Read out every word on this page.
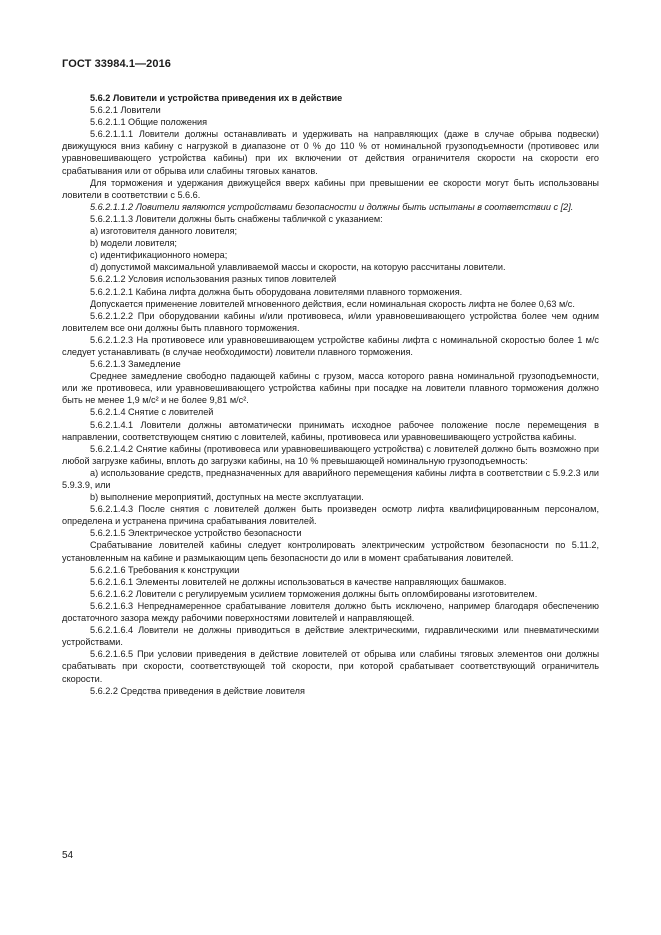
ГОСТ 33984.1—2016

5.6.2 Ловители и устройства приведения их в действие

5.6.2.1 Ловители

5.6.2.1.1 Общие положения

5.6.2.1.1.1 Ловители должны останавливать и удерживать на направляющих (даже в случае обрыва подвески) движущуюся вниз кабину с нагрузкой в диапазоне от 0 % до 110 % от номинальной грузоподъемности (противовес или уравновешивающего устройства кабины) при их включении от действия ограничителя скорости на скорости его срабатывания или от обрыва или слабины тяговых канатов.

Для торможения и удержания движущейся вверх кабины при превышении ее скорости могут быть использованы ловители в соответствии с 5.6.6.

5.6.2.1.1.2 Ловители являются устройствами безопасности и должны быть испытаны в соответствии с [2].

5.6.2.1.1.3 Ловители должны быть снабжены табличкой с указанием:

a) изготовителя данного ловителя;

b) модели ловителя;

c) идентификационного номера;

d) допустимой максимальной улавливаемой массы и скорости, на которую рассчитаны ловители.

5.6.2.1.2 Условия использования разных типов ловителей

5.6.2.1.2.1 Кабина лифта должна быть оборудована ловителями плавного торможения.

Допускается применение ловителей мгновенного действия, если номинальная скорость лифта не более 0,63 м/с.

5.6.2.1.2.2 При оборудовании кабины и/или противовеса, и/или уравновешивающего устройства более чем одним ловителем все они должны быть плавного торможения.

5.6.2.1.2.3 На противовесе или уравновешивающем устройстве кабины лифта с номинальной скоростью более 1 м/с следует устанавливать (в случае необходимости) ловители плавного торможения.

5.6.2.1.3 Замедление

Среднее замедление свободно падающей кабины с грузом, масса которого равна номинальной грузоподъемности, или же противовеса, или уравновешивающего устройства кабины при посадке на ловители плавного торможения должно быть не менее 1,9 м/с² и не более 9,81 м/с².

5.6.2.1.4 Снятие с ловителей

5.6.2.1.4.1 Ловители должны автоматически принимать исходное рабочее положение после перемещения в направлении, соответствующем снятию с ловителей, кабины, противовеса или уравновешивающего устройства кабины.

5.6.2.1.4.2 Снятие кабины (противовеса или уравновешивающего устройства) с ловителей должно быть возможно при любой загрузке кабины, вплоть до загрузки кабины, на 10 % превышающей номинальную грузоподъемность:

а) использование средств, предназначенных для аварийного перемещения кабины лифта в соответствии с 5.9.2.3 или 5.9.3.9, или

b) выполнение мероприятий, доступных на месте эксплуатации.

5.6.2.1.4.3 После снятия с ловителей должен быть произведен осмотр лифта квалифицированным персоналом, определена и устранена причина срабатывания ловителей.

5.6.2.1.5 Электрическое устройство безопасности

Срабатывание ловителей кабины следует контролировать электрическим устройством безопасности по 5.11.2, установленным на кабине и размыкающим цепь безопасности до или в момент срабатывания ловителей.

5.6.2.1.6 Требования к конструкции

5.6.2.1.6.1 Элементы ловителей не должны использоваться в качестве направляющих башмаков.

5.6.2.1.6.2 Ловители с регулируемым усилием торможения должны быть опломбированы изготовителем.

5.6.2.1.6.3 Непреднамеренное срабатывание ловителя должно быть исключено, например благодаря обеспечению достаточного зазора между рабочими поверхностями ловителей и направляющей.

5.6.2.1.6.4 Ловители не должны приводиться в действие электрическими, гидравлическими или пневматическими устройствами.

5.6.2.1.6.5 При условии приведения в действие ловителей от обрыва или слабины тяговых элементов они должны срабатывать при скорости, соответствующей той скорости, при которой срабатывает соответствующий ограничитель скорости.

5.6.2.2 Средства приведения в действие ловителя

54
